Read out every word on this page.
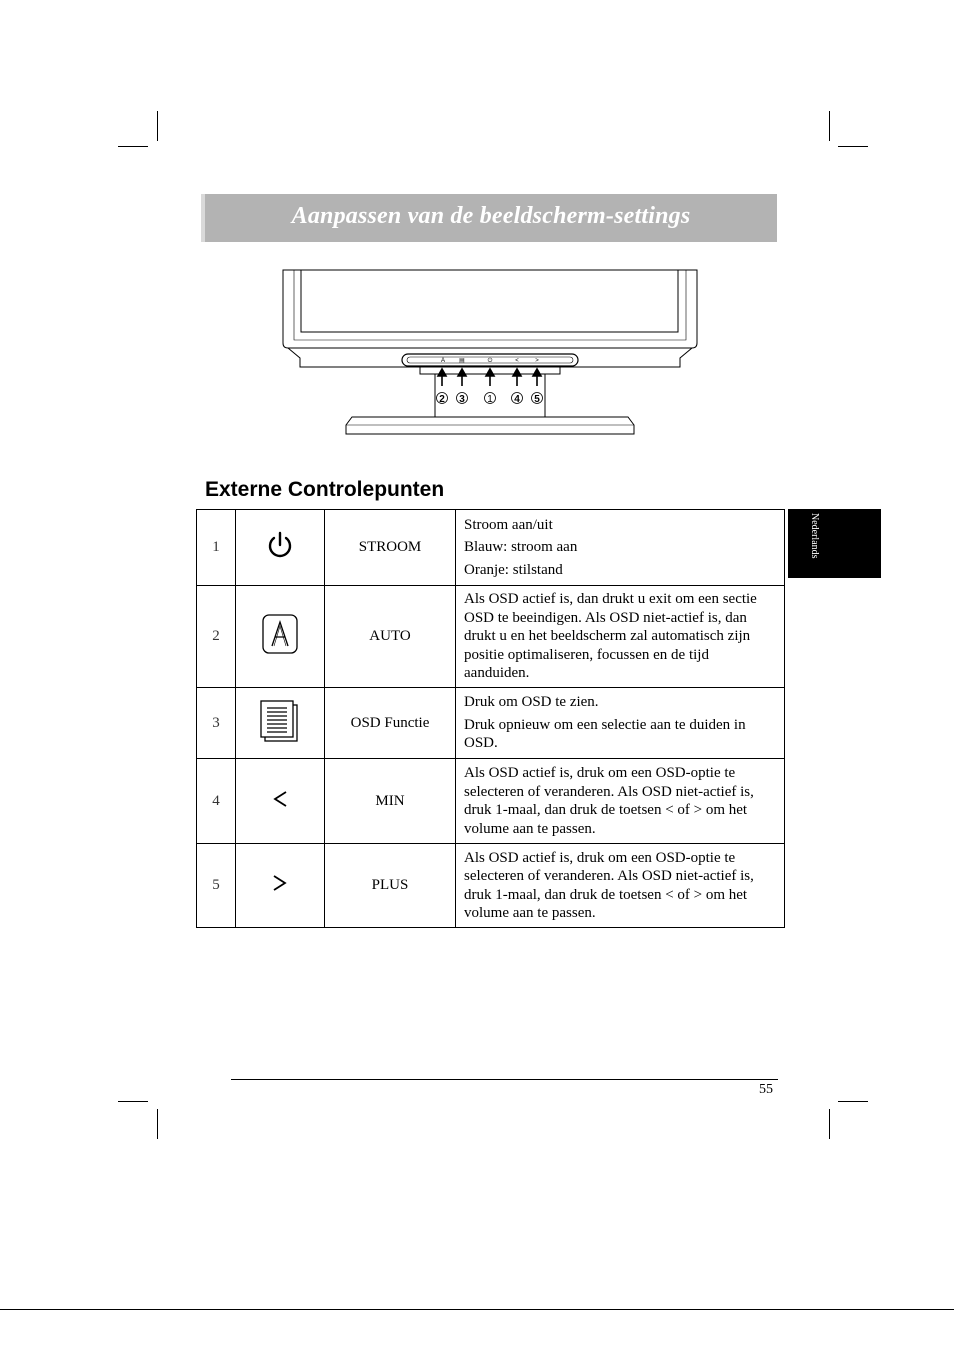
Aanpassen van de beeldscherm-settings
A ▤	⏻	<	>
2 3 1 4 5
Externe Controlepunten
Nederlands
1		STROOM	Stroom aan/uit

Blauw: stroom aan

Oranje: stilstand

2		AUTO	Als OSD actief is, dan drukt u exit om een sectie OSD te beeindigen. Als OSD niet-actief is, dan drukt u en het beeldscherm zal automatisch zijn positie optimaliseren, focussen en de tijd aanduiden.

3		OSD Functie	Druk om OSD te zien.

Druk opnieuw om een selectie aan te duiden in OSD.

4		MIN	Als OSD actief is, druk om een OSD-optie te selecteren of veranderen. Als OSD niet-actief is, druk 1-maal, dan druk de toetsen < of > om het volume aan te passen.

5		PLUS	Als OSD actief is, druk om een OSD-optie te selecteren of veranderen. Als OSD niet-actief is, druk 1-maal, dan druk de toetsen < of > om het volume aan te passen.

55
